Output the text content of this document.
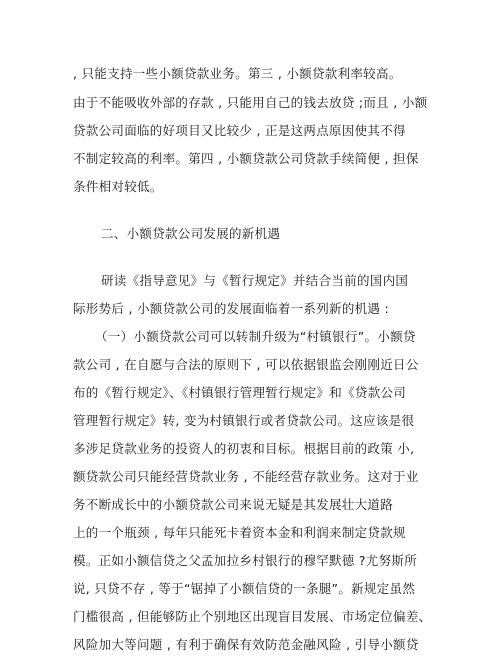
, 只能支持一些小额贷款业务。第三 , 小额贷款利率较高。
由于不能吸收外部的存款 , 只能用自己的钱去放贷 ;而且 , 小额
贷款公司面临的好项目又比较少 , 正是这两点原因使其不得
不制定较高的利率。第四 , 小额贷款公司贷款手续简便 , 担保
条件相对较低。
二、小额贷款公司发展的新机遇
研读《指导意见》与《暂行规定》并结合当前的国内国
际形势后 , 小额贷款公司的发展面临着一系列新的机遇 :
（一）小额贷款公司可以转制升级为“村镇银行”。小额贷
款公司 , 在自愿与合法的原则下 , 可以依据银监会刚刚近日公
布的《暂行规定》、《村镇银行管理暂行规定》和《贷款公司
管理暂行规定》转, 变为村镇银行或者贷款公司。这应该是很
多涉足贷款业务的投资人的初衷和目标。根据目前的政策 小,
额贷款公司只能经营贷款业务 , 不能经营存款业务。这对于业
务不断成长中的小额贷款公司来说无疑是其发展壮大道路
上的一个瓶颈 , 每年只能死卡着资本金和利润来制定贷款规
模。正如小额信贷之父孟加拉乡村银行的穆罕默德 ?尤努斯所
说, 只贷不存 , 等于“锯掉了小额信贷的一条腿”。新规定虽然
门槛很高 , 但能够防止个别地区出现盲目发展、市场定位偏差、
风险加大等问题 , 有利于确保有效防范金融风险 , 引导小额贷
